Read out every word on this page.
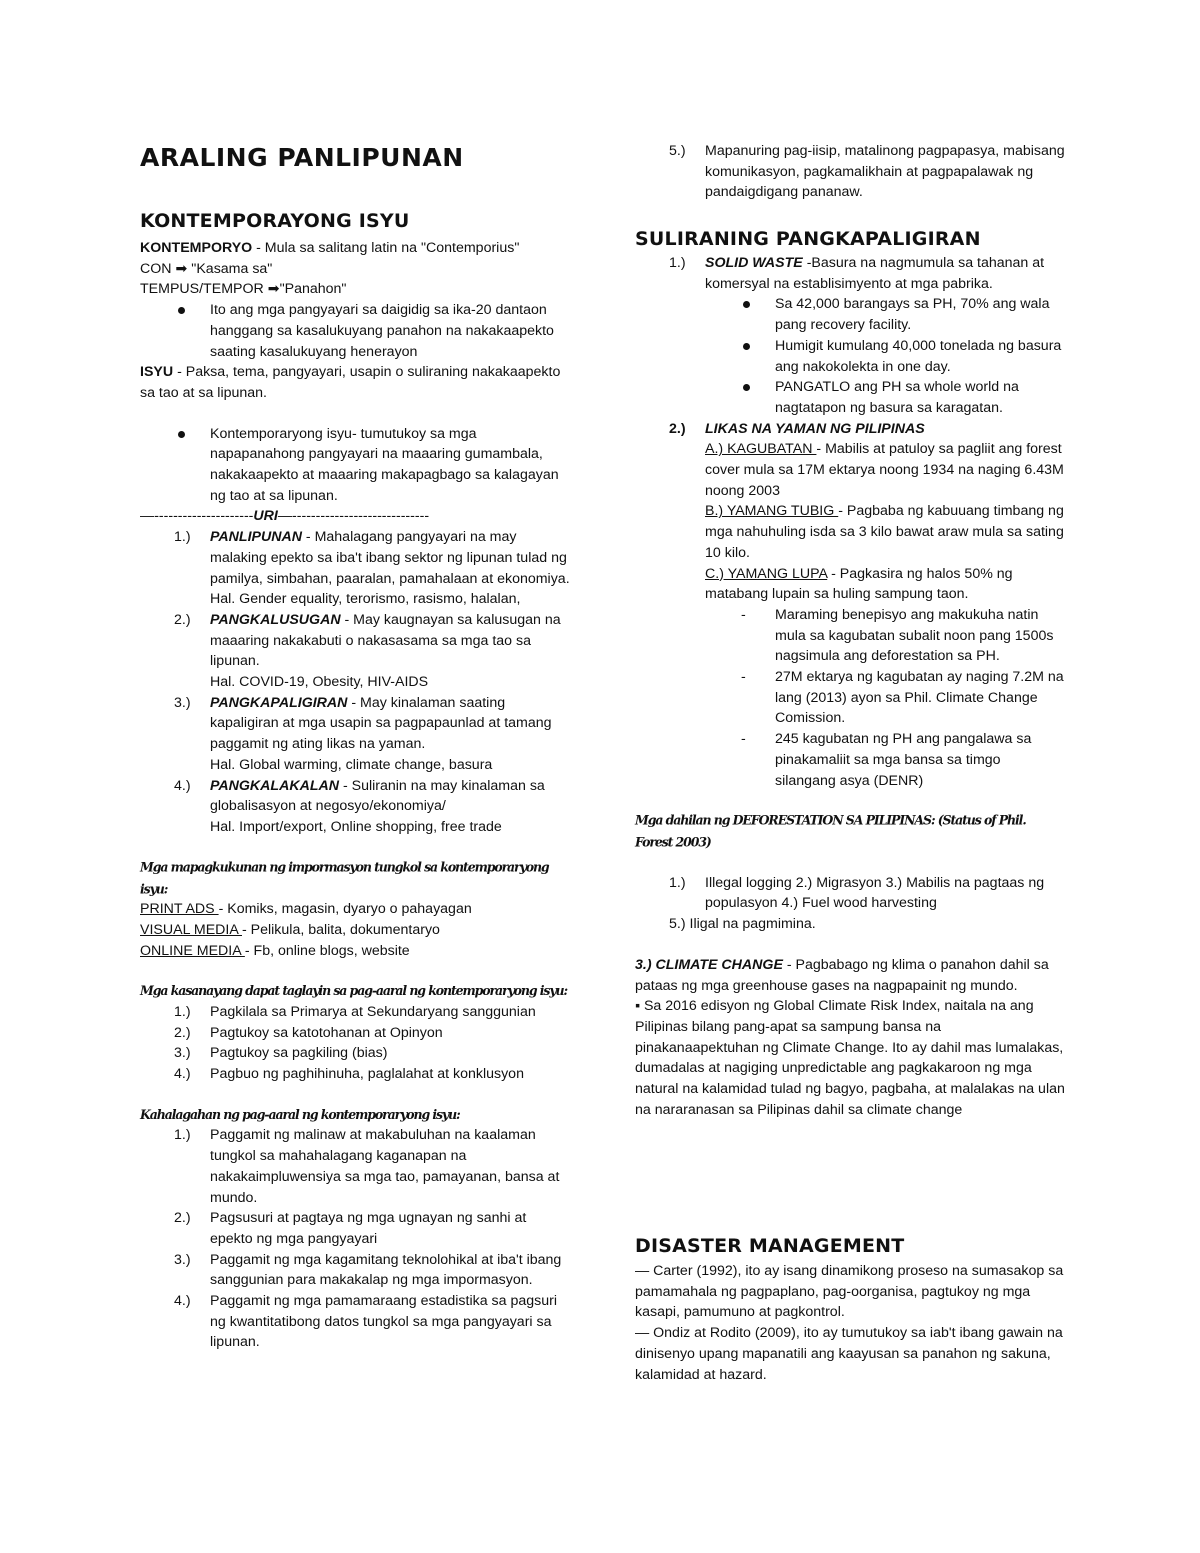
ARALING PANLIPUNAN
KONTEMPORAYONG ISYU

KONTEMPORYO - Mula sa salitang latin na "Contemporius"

CON ➡ "Kasama sa"

TEMPUS/TEMPOR ➡"Panahon"

Ito ang mga pangyayari sa daigidig sa ika-20 dantaon hanggang sa kasalukuyang panahon na nakakaapekto saating kasalukuyang henerayon

ISYU - Paksa, tema, pangyayari, usapin o suliraning nakakaapekto sa tao at sa lipunan.

Kontemporaryong isyu- tumutukoy sa mga napapanahong pangyayari na maaaring gumambala, nakakaapekto at maaaring makapagbago sa kalagayan ng tao at sa lipunan.

—---------------------URI—-----------------------------

1.) PANLIPUNAN - Mahalagang pangyayari na may malaking epekto sa iba't ibang sektor ng lipunan tulad ng pamilya, simbahan, paaralan, pamahalaan at ekonomiya.
Hal. Gender equality, terorismo, rasismo, halalan,
2.) PANGKALUSUGAN - May kaugnayan sa kalusugan na maaaring nakakabuti o nakasasama sa mga tao sa lipunan.
Hal. COVID-19, Obesity, HIV-AIDS
3.) PANGKAPALIGIRAN - May kinalaman saating kapaligiran at mga usapin sa pagpapaunlad at tamang paggamit ng ating likas na yaman.
Hal. Global warming, climate change, basura
4.) PANGKALAKALAN - Suliranin na may kinalaman sa globalisasyon at negosyo/ekonomiya/
Hal. Import/export, Online shopping, free trade

Mga mapagkukunan ng impormasyon tungkol sa kontemporaryong isyu:

PRINT ADS - Komiks, magasin, dyaryo o pahayagan

VISUAL MEDIA - Pelikula, balita, dokumentaryo

ONLINE MEDIA - Fb, online blogs, website

Mga kasanayang dapat taglayin sa pag-aaral ng kontemporaryong isyu:

1.) Pagkilala sa Primarya at Sekundaryang sanggunian
2.) Pagtukoy sa katotohanan at Opinyon
3.) Pagtukoy sa pagkiling (bias)
4.) Pagbuo ng paghihinuha, paglalahat at konklusyon

Kahalagahan ng pag-aaral ng kontemporaryong isyu:

1.) Paggamit ng malinaw at makabuluhan na kaalaman tungkol sa mahahalagang kaganapan na nakakaimpluwensiya sa mga tao, pamayanan, bansa at mundo.
2.) Pagsusuri at pagtaya ng mga ugnayan ng sanhi at epekto ng mga pangyayari
3.) Paggamit ng mga kagamitang teknolohikal at iba't ibang sanggunian para makakalap ng mga impormasyon.
4.) Paggamit ng mga pamamaraang estadistika sa pagsuri ng kwantitatibong datos tungkol sa mga pangyayari sa lipunan.
5.) Mapanuring pag-iisip, matalinong pagpapasya, mabisang komunikasyon, pagkamalikhain at pagpapalawak ng pandaigdigang pananaw.
SULIRANING PANGKAPALIGIRAN
1.) SOLID WASTE -Basura na nagmumula sa tahanan at komersyal na establisimyento at mga pabrika.
Sa 42,000 barangays sa PH, 70% ang wala pang recovery facility.
Humigit kumulang 40,000 tonelada ng basura ang nakokolekta in one day.
PANGATLO ang PH sa whole world na nagtatapon ng basura sa karagatan.
2.) LIKAS NA YAMAN NG PILIPINAS
A.) KAGUBATAN - Mabilis at patuloy sa pagliit ang forest cover mula sa 17M ektarya noong 1934 na naging 6.43M noong 2003
B.) YAMANG TUBIG - Pagbaba ng kabuuang timbang ng mga nahuhuling isda sa 3 kilo bawat araw mula sa sating 10 kilo.
C.) YAMANG LUPA - Pagkasira ng halos 50% ng matabang lupain sa huling sampung taon.
- Maraming benepisyo ang makukuha natin mula sa kagubatan subalit noon pang 1500s nagsimula ang deforestation sa PH.
- 27M ektarya ng kagubatan ay naging 7.2M na lang (2013) ayon sa Phil. Climate Change Comission.
- 245 kagubatan ng PH ang pangalawa sa pinakamaliit sa mga bansa sa timgo silangang asya (DENR)

Mga dahilan ng DEFORESTATION SA PILIPINAS: (Status of Phil. Forest 2003)

1.) Illegal logging 2.) Migrasyon 3.) Mabilis na pagtaas ng populasyon 4.) Fuel wood harvesting
5.) Iligal na pagmimina.

3.) CLIMATE CHANGE - Pagbabago ng klima o panahon dahil sa pataas ng mga greenhouse gases na nagpapainit ng mundo.

▪ Sa 2016 edisyon ng Global Climate Risk Index, naitala na ang Pilipinas bilang pang-apat sa sampung bansa na pinakanaapektuhan ng Climate Change. Ito ay dahil mas lumalakas, dumadalas at nagiging unpredictable ang pagkakaroon ng mga natural na kalamidad tulad ng bagyo, pagbaha, at malalakas na ulan na nararanasan sa Pilipinas dahil sa climate change

DISASTER MANAGEMENT

— Carter (1992), ito ay isang dinamikong proseso na sumasakop sa pamamahala ng pagpaplano, pag-oorganisa, pagtukoy ng mga kasapi, pamumuno at pagkontrol.

— Ondiz at Rodito (2009), ito ay tumutukoy sa iab't ibang gawain na dinisenyo upang mapanatili ang kaayusan sa panahon ng sakuna, kalamidad at hazard.
